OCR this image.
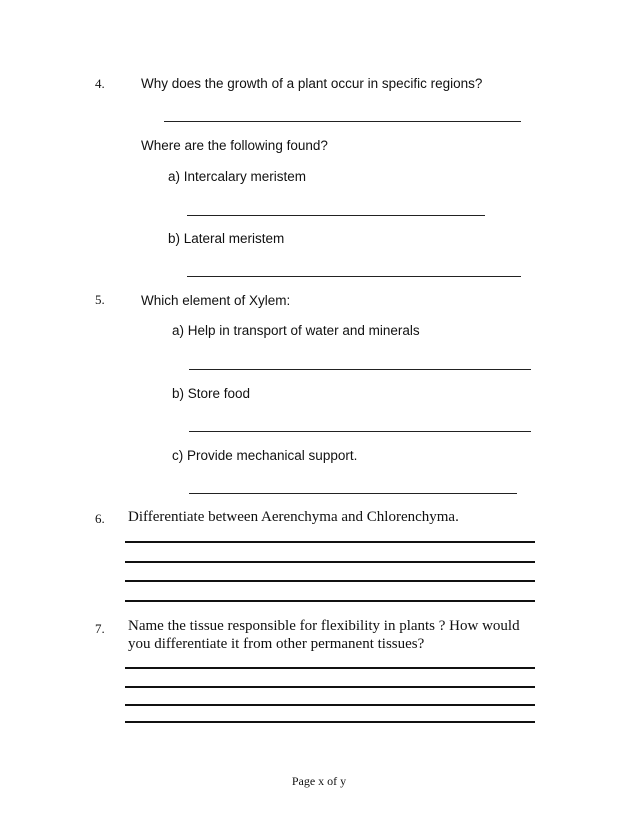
4.	Why does the growth of a plant occur in specific regions?
Where are the following found?
a) Intercalary meristem
b) Lateral meristem
5.	Which element of Xylem:
a) Help in transport of water and minerals
b) Store food
c) Provide mechanical support.
6. Differentiate between Aerenchyma and Chlorenchyma.
7. Name the tissue responsible for flexibility in plants ? How would
you differentiate it from other permanent tissues?
Page x of y
